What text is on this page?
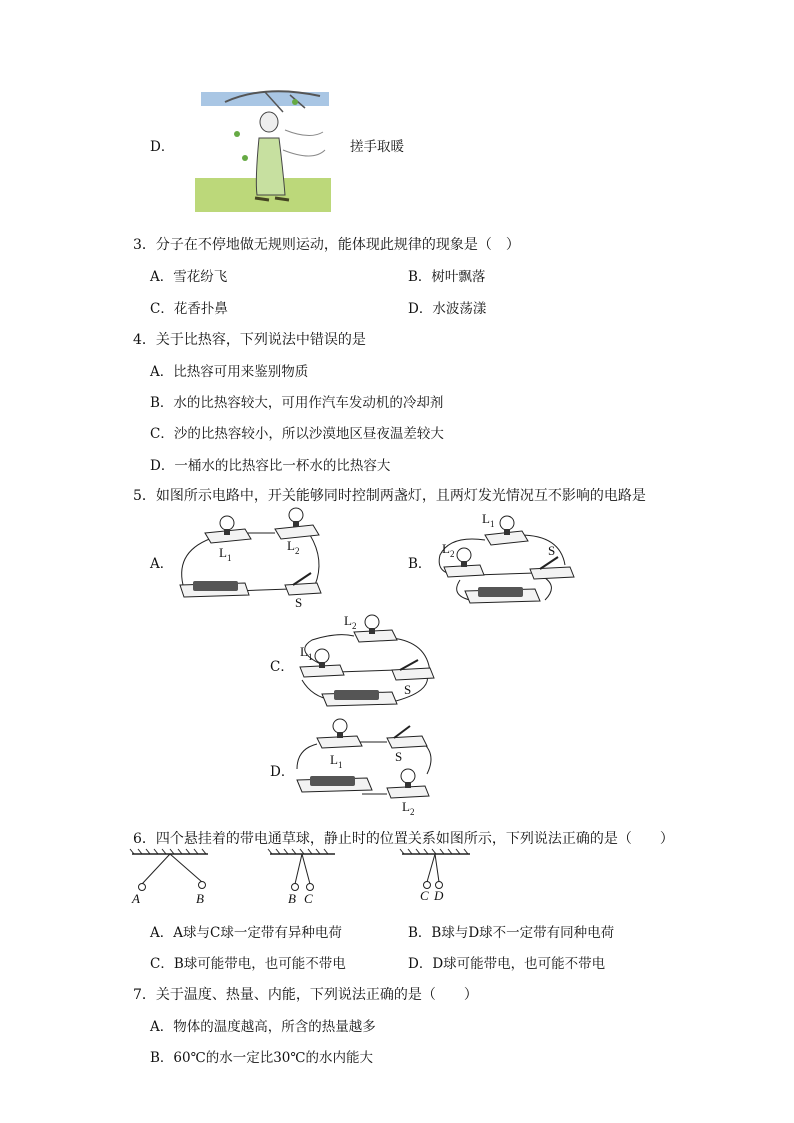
D．	搓手取暖
3．分子在不停地做无规则运动，能体现此规律的现象是（　）
A．雪花纷飞	B．树叶飘落
C．花香扑鼻	D．水波荡漾
4．关于比热容，下列说法中错误的是
A．比热容可用来鉴别物质
B．水的比热容较大，可用作汽车发动机的冷却剂
C．沙的比热容较小，所以沙漠地区昼夜温差较大
D．一桶水的比热容比一杯水的比热容大
5．如图所示电路中，开关能够同时控制两盏灯，且两灯发光情况互不影响的电路是
A．
$L_1$
$L_2$
S
B．
$L_1$
$L_2$	S
C．
$L_2$
$L_1$
S
D．
$L_1$
S
$L_2$
6．四个悬挂着的带电通草球，静止时的位置关系如图所示，下列说法正确的是（　　）
A	B	B C	C D
A．A球与C球一定带有异种电荷	B．B球与D球不一定带有同种电荷
C．B球可能带电，也可能不带电	D．D球可能带电，也可能不带电
7．关于温度、热量、内能，下列说法正确的是（　　）
A．物体的温度越高，所含的热量越多
B．60℃的水一定比30℃的水内能大
